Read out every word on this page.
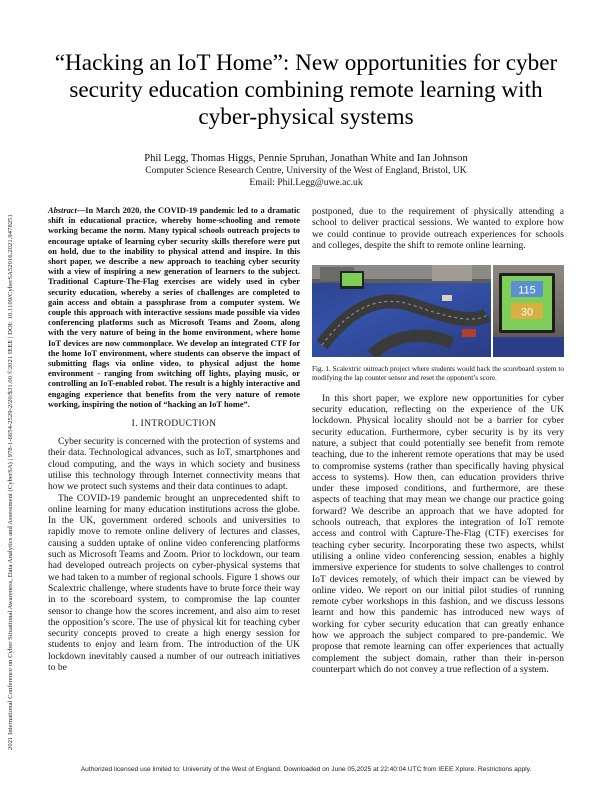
2021 International Conference on Cyber Situational Awareness, Data Analytics and Assessment (CyberSA) | 978-1-6654-2529-2/20/$31.00 ©2021 IEEE | DOI: 10.1109/CyberSA52016.2021.9478251
“Hacking an IoT Home”: New opportunities for cyber security education combining remote learning with cyber-physical systems
Phil Legg, Thomas Higgs, Pennie Spruhan, Jonathan White and Ian Johnson
Computer Science Research Centre, University of the West of England, Bristol, UK
Email: Phil.Legg@uwe.ac.uk

Abstract—In March 2020, the COVID-19 pandemic led to a dramatic shift in educational practice, whereby home-schooling and remote working became the norm. Many typical schools outreach projects to encourage uptake of learning cyber security skills therefore were put on hold, due to the inability to physical attend and inspire. In this short paper, we describe a new approach to teaching cyber security with a view of inspiring a new generation of learners to the subject. Traditional Capture-The-Flag exercises are widely used in cyber security education, whereby a series of challenges are completed to gain access and obtain a passphrase from a computer system. We couple this approach with interactive sessions made possible via video conferencing platforms such as Microsoft Teams and Zoom, along with the very nature of being in the home environment, where home IoT devices are now commonplace. We develop an integrated CTF for the home IoT environment, where students can observe the impact of submitting flags via online video, to physical adjust the home environment - ranging from switching off lights, playing music, or controlling an IoT-enabled robot. The result is a highly interactive and engaging experience that benefits from the very nature of remote working, inspiring the notion of “hacking an IoT home”.

I. INTRODUCTION

Cyber security is concerned with the protection of systems and their data. Technological advances, such as IoT, smartphones and cloud computing, and the ways in which society and business utilise this technology through Internet connectivity means that how we protect such systems and their data continues to adapt.

The COVID-19 pandemic brought an unprecedented shift to online learning for many education institutions across the globe. In the UK, government ordered schools and universities to rapidly move to remote online delivery of lectures and classes, causing a sudden uptake of online video conferencing platforms such as Microsoft Teams and Zoom. Prior to lockdown, our team had developed outreach projects on cyber-physical systems that we had taken to a number of regional schools. Figure 1 shows our Scalextric challenge, where students have to brute force their way in to the scoreboard system, to compromise the lap counter sensor to change how the scores increment, and also aim to reset the opposition’s score. The use of physical kit for teaching cyber security concepts proved to create a high energy session for students to enjoy and learn from. The introduction of the UK lockdown inevitably caused a number of our outreach initiatives to be

postponed, due to the requirement of physically attending a school to deliver practical sessions. We wanted to explore how we could continue to provide outreach experiences for schools and colleges, despite the shift to remote online learning.

115
30
Fig. 1. Scalextric outreach project where students would hack the scoreboard system to modifying the lap counter sensor and reset the opponent’s score.

In this short paper, we explore new opportunities for cyber security education, reflecting on the experience of the UK lockdown. Physical locality should not be a barrier for cyber security education. Furthermore, cyber security is by its very nature, a subject that could potentially see benefit from remote teaching, due to the inherent remote operations that may be used to compromise systems (rather than specifically having physical access to systems). How then, can education providers thrive under these imposed conditions, and furthermore, are these aspects of teaching that may mean we change our practice going forward? We describe an approach that we have adopted for schools outreach, that explores the integration of IoT remote access and control with Capture-The-Flag (CTF) exercises for teaching cyber security. Incorporating these two aspects, whilst utilising a online video conferencing session, enables a highly immersive experience for students to solve challenges to control IoT devices remotely, of which their impact can be viewed by online video. We report on our initial pilot studies of running remote cyber workshops in this fashion, and we discuss lessons learnt and how this pandemic has introduced new ways of working for cyber security education that can greatly enhance how we approach the subject compared to pre-pandemic. We propose that remote learning can offer experiences that actually complement the subject domain, rather than their in-person counterpart which do not convey a true reflection of a system.

Authorized licensed use limited to: University of the West of England. Downloaded on June 05,2025 at 22:40:04 UTC from IEEE Xplore. Restrictions apply.
